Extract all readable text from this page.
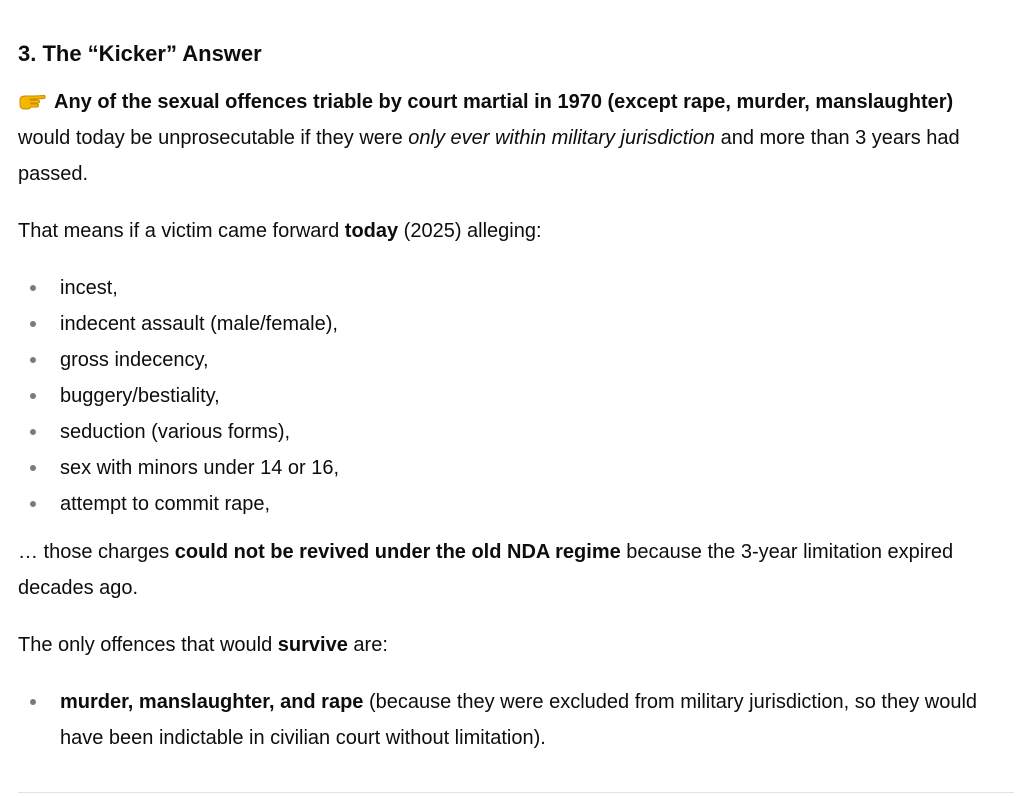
3. The “Kicker” Answer

Any of the sexual offences triable by court martial in 1970 (except rape, murder, manslaughter) would today be unprosecutable if they were only ever within military jurisdiction and more than 3 years had passed.

That means if a victim came forward today (2025) alleging:

incest,
indecent assault (male/female),
gross indecency,
buggery/bestiality,
seduction (various forms),
sex with minors under 14 or 16,
attempt to commit rape,

… those charges could not be revived under the old NDA regime because the 3-year limitation expired decades ago.

The only offences that would survive are:

murder, manslaughter, and rape (because they were excluded from military jurisdiction, so they would have been indictable in civilian court without limitation).
